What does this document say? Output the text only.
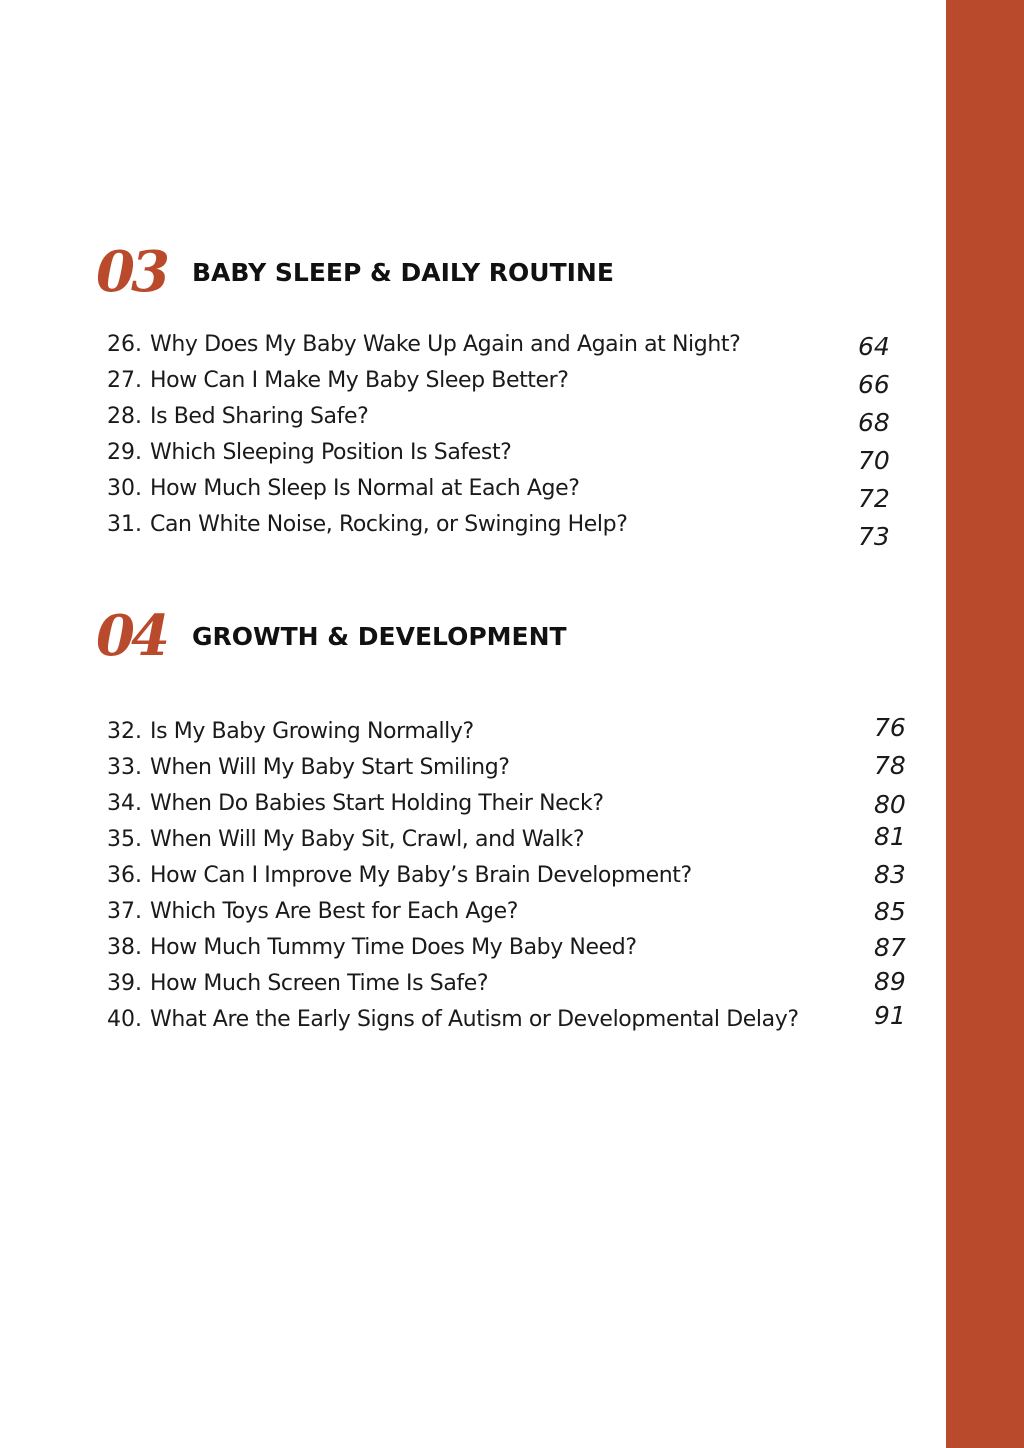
03 BABY SLEEP & DAILY ROUTINE
26. Why Does My Baby Wake Up Again and Again at Night?	64
27. How Can I Make My Baby Sleep Better?	66
28. Is Bed Sharing Safe?	68
29. Which Sleeping Position Is Safest?	70
30. How Much Sleep Is Normal at Each Age?	72
31. Can White Noise, Rocking, or Swinging Help?	73
04 GROWTH & DEVELOPMENT
32. Is My Baby Growing Normally?	76
33. When Will My Baby Start Smiling?	78
34. When Do Babies Start Holding Their Neck?	80
35. When Will My Baby Sit, Crawl, and Walk?	81
36. How Can I Improve My Baby’s Brain Development?	83
37. Which Toys Are Best for Each Age?	85
38. How Much Tummy Time Does My Baby Need?	87
39. How Much Screen Time Is Safe?	89
40. What Are the Early Signs of Autism or Developmental Delay?	91
